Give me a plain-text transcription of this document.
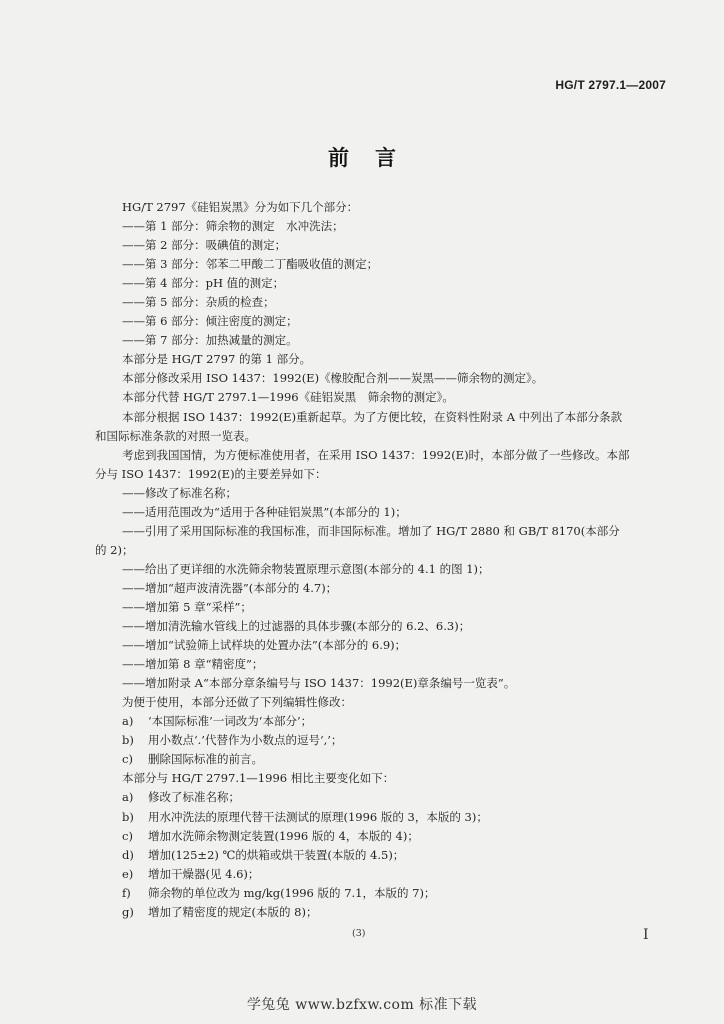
HG/T 2797.1—2007
前言
HG/T 2797《硅铝炭黑》分为如下几个部分：
——第 1 部分：筛余物的测定　水冲洗法；
——第 2 部分：吸碘值的测定；
——第 3 部分：邻苯二甲酸二丁酯吸收值的测定；
——第 4 部分：pH 值的测定；
——第 5 部分：杂质的检查；
——第 6 部分：倾注密度的测定；
——第 7 部分：加热减量的测定。
本部分是 HG/T 2797 的第 1 部分。
本部分修改采用 ISO 1437：1992(E)《橡胶配合剂——炭黑——筛余物的测定》。
本部分代替 HG/T 2797.1—1996《硅铝炭黑　筛余物的测定》。
本部分根据 ISO 1437：1992(E)重新起草。为了方便比较，在资料性附录 A 中列出了本部分条款
和国际标准条款的对照一览表。
考虑到我国国情，为方便标准使用者，在采用 ISO 1437：1992(E)时，本部分做了一些修改。本部
分与 ISO 1437：1992(E)的主要差异如下：
——修改了标准名称；
——适用范围改为“适用于各种硅铝炭黑”(本部分的 1)；
——引用了采用国际标准的我国标准，而非国际标准。增加了 HG/T 2880 和 GB/T 8170(本部分
的 2)；
——给出了更详细的水洗筛余物装置原理示意图(本部分的 4.1 的图 1)；
——增加“超声波清洗器”(本部分的 4.7)；
——增加第 5 章“采样”；
——增加清洗输水管线上的过滤器的具体步骤(本部分的 6.2、6.3)；
——增加“试验筛上试样块的处置办法”(本部分的 6.9)；
——增加第 8 章“精密度”；
——增加附录 A“本部分章条编号与 ISO 1437：1992(E)章条编号一览表”。
为便于使用，本部分还做了下列编辑性修改：
a)	‘本国际标准’一词改为‘本部分’；
b)	用小数点‘.’代替作为小数点的逗号‘,’；
c)	删除国际标准的前言。
本部分与 HG/T 2797.1—1996 相比主要变化如下：
a)	修改了标准名称；
b)	用水冲洗法的原理代替干法测试的原理(1996 版的 3，本版的 3)；
c)	增加水洗筛余物测定装置(1996 版的 4，本版的 4)；
d)	增加(125±2) ℃的烘箱或烘干装置(本版的 4.5)；
e)	增加干燥器(见 4.6)；
f)	筛余物的单位改为 mg/kg(1996 版的 7.1，本版的 7)；
g)	增加了精密度的规定(本版的 8)；
(3)	I
学兔兔 www.bzfxw.com 标准下载
